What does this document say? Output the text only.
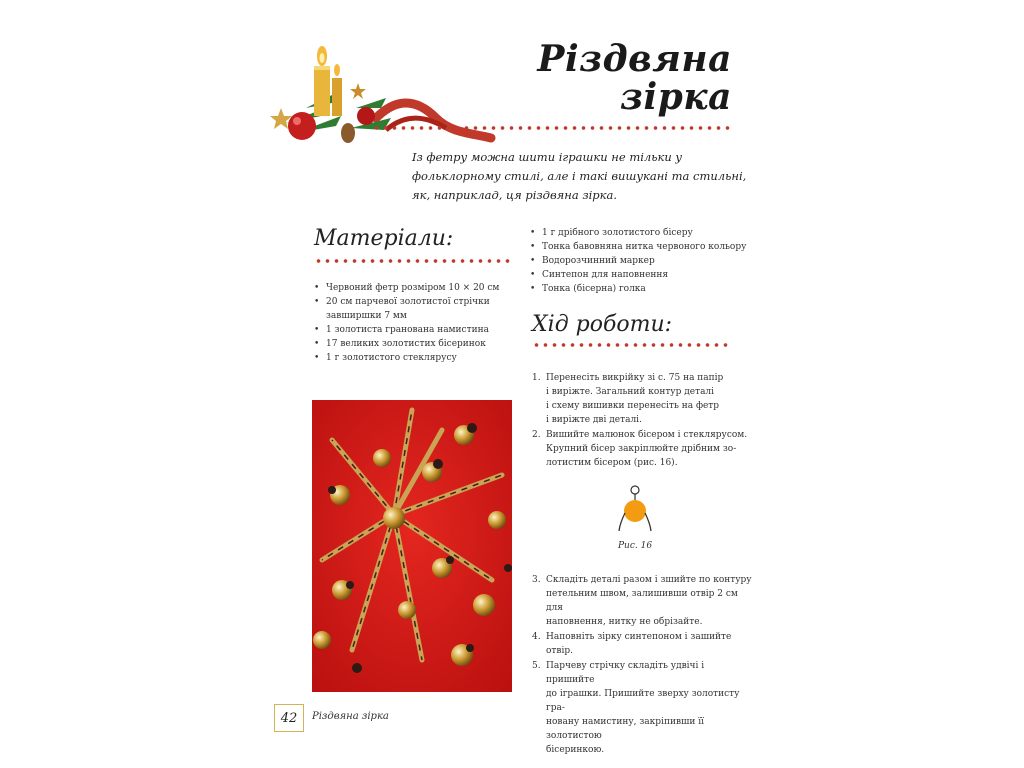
Різдвяна
зірка
Із фетру можна шити іграшки не тільки у фольклорному стилі, але і такі вишукані та стильні, як, наприклад, ця різдвяна зірка.
Матеріали:
• Червоний фетр розміром 10 × 20 см
• 20 см парчевої золотистої стрічки завширшки 7 мм
• 1 золотиста гранована намистина
• 17 великих золотистих бісеринок
• 1 г золотистого стеклярусу
• 1 г дрібного золотистого бісеру
• Тонка бавовняна нитка червоного кольору
• Водорозчинний маркер
• Синтепон для наповнення
• Тонка (бісерна) голка
Хід роботи:
1. Перенесіть викрійку зі с. 75 на папір
і виріжте. Загальний контур деталі
і схему вишивки перенесіть на фетр
і виріжте дві деталі.
2. Вишийте малюнок бісером і стеклярусом.
Крупний бісер закріплюйте дрібним зо-
лотистим бісером (рис. 16).
Рис. 16
3. Складіть деталі разом і зшийте по контуру
петельним швом, залишивши отвір 2 см для
наповнення, нитку не обрізайте.
4. Наповніть зірку синтепоном і зашийте
отвір.
5. Парчеву стрічку складіть удвічі і пришийте
до іграшки. Пришийте зверху золотисту гра-
новану намистину, закріпивши її золотистою
бісеринкою.
42	Різдвяна зірка
